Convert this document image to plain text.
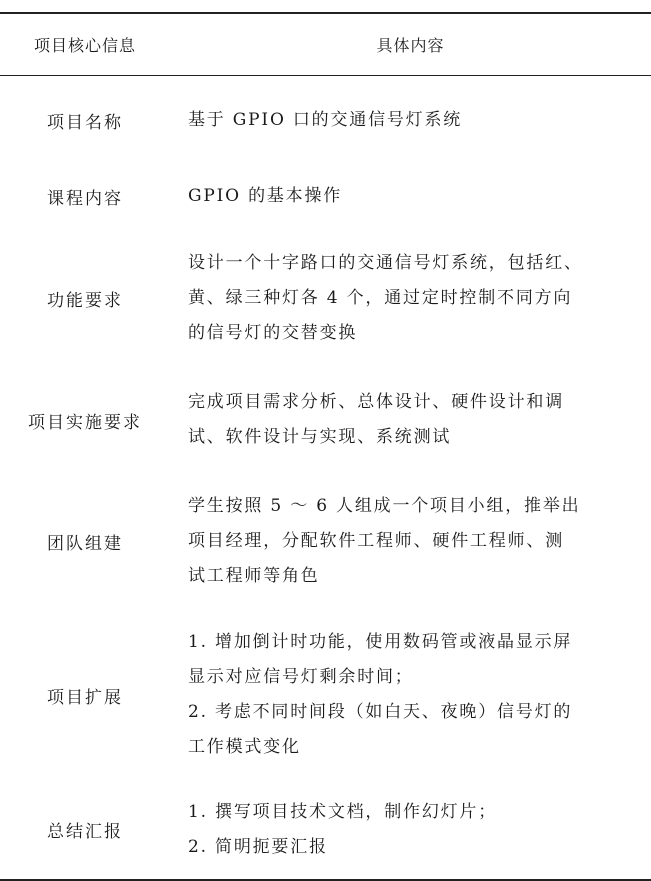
项目核心信息	具体内容
项目名称	基于 GPIO 口的交通信号灯系统

课程内容	GPIO 的基本操作

功能要求	设计一个十字路口的交通信号灯系统，包括红、
黄、绿三种灯各 4 个，通过定时控制不同方向
的信号灯的交替变换

项目实施要求	完成项目需求分析、总体设计、硬件设计和调
试、软件设计与实现、系统测试

团队组建	学生按照 5 ～ 6 人组成一个项目小组，推举出
项目经理，分配软件工程师、硬件工程师、测
试工程师等角色

项目扩展	1. 增加倒计时功能，使用数码管或液晶显示屏
显示对应信号灯剩余时间；
2. 考虑不同时间段（如白天、夜晚）信号灯的
工作模式变化

总结汇报	1. 撰写项目技术文档，制作幻灯片；
2. 简明扼要汇报
